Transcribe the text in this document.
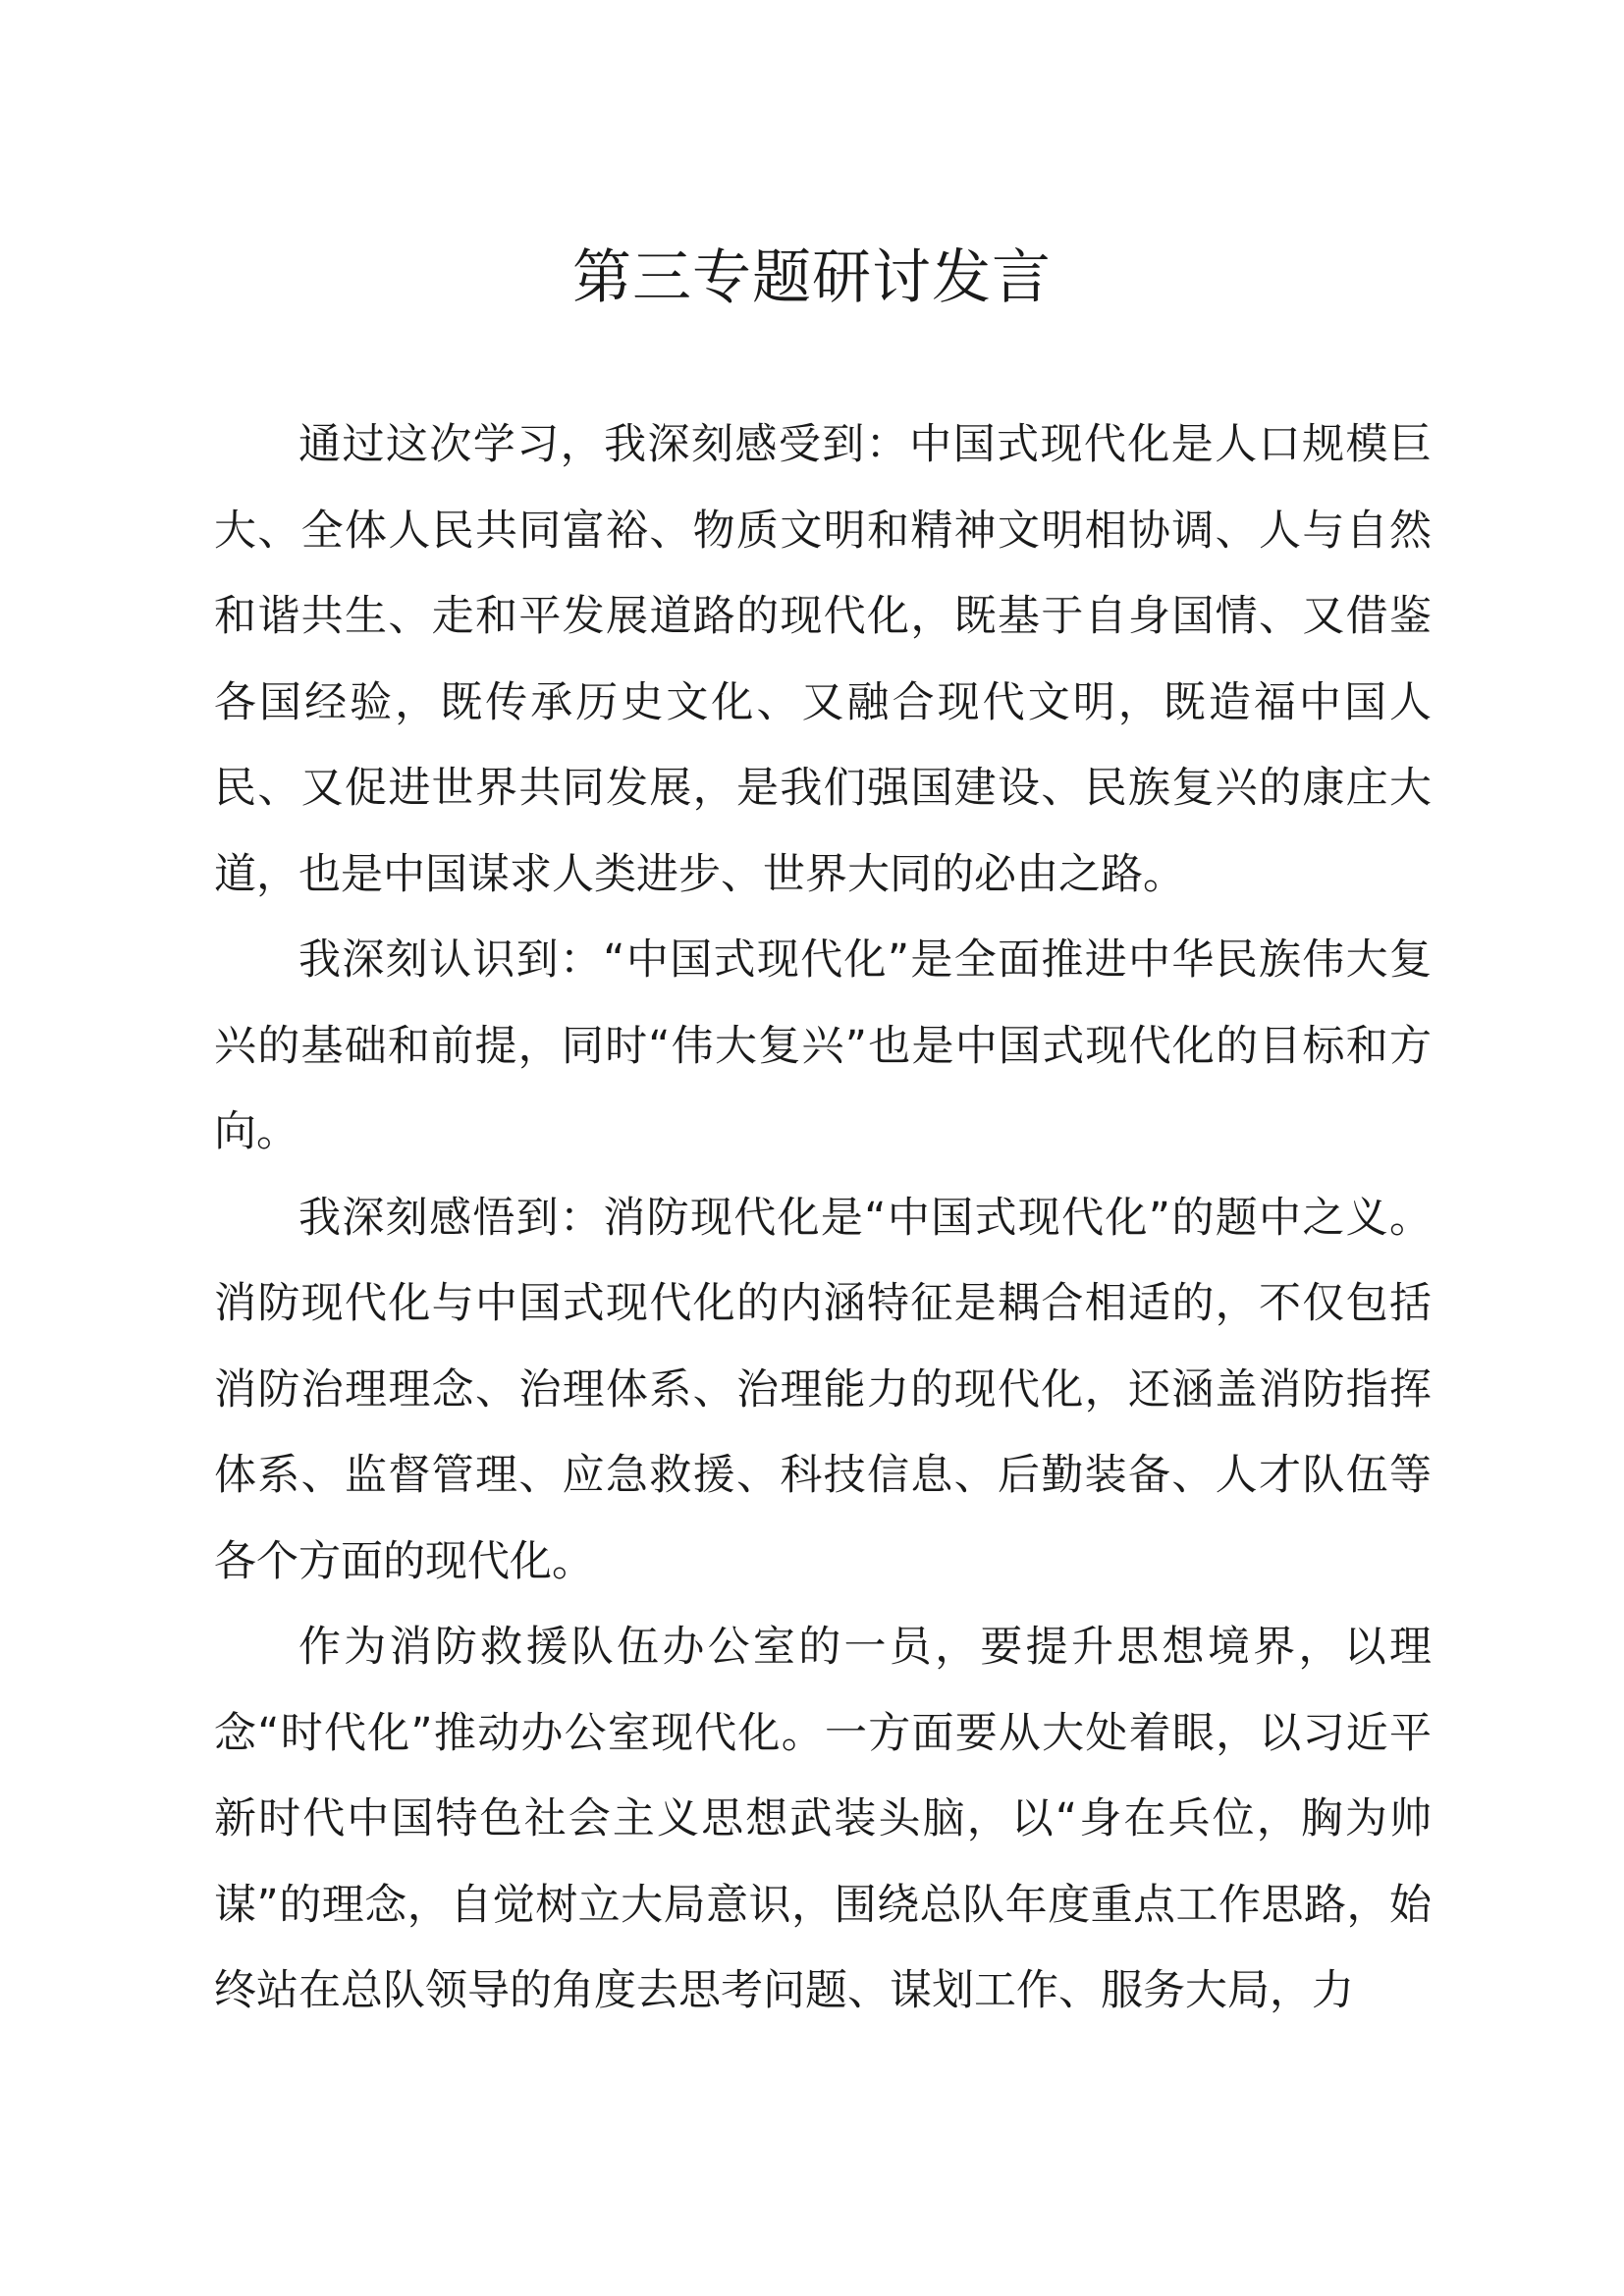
第三专题研讨发言

通过这次学习，我深刻感受到：中国式现代化是人口规模巨大、全体人民共同富裕、物质文明和精神文明相协调、人与自然和谐共生、走和平发展道路的现代化，既基于自身国情、又借鉴各国经验，既传承历史文化、又融合现代文明，既造福中国人民、又促进世界共同发展，是我们强国建设、民族复兴的康庄大道，也是中国谋求人类进步、世界大同的必由之路。

我深刻认识到：“中国式现代化”是全面推进中华民族伟大复兴的基础和前提，同时“伟大复兴”也是中国式现代化的目标和方向。

我深刻感悟到：消防现代化是“中国式现代化”的题中之义。消防现代化与中国式现代化的内涵特征是耦合相适的，不仅包括消防治理理念、治理体系、治理能力的现代化，还涵盖消防指挥体系、监督管理、应急救援、科技信息、后勤装备、人才队伍等各个方面的现代化。

作为消防救援队伍办公室的一员，要提升思想境界，以理念“时代化”推动办公室现代化。一方面要从大处着眼，以习近平新时代中国特色社会主义思想武装头脑，以“身在兵位，胸为帅谋”的理念，自觉树立大局意识，围绕总队年度重点工作思路，始终站在总队领导的角度去思考问题、谋划工作、服务大局，力
